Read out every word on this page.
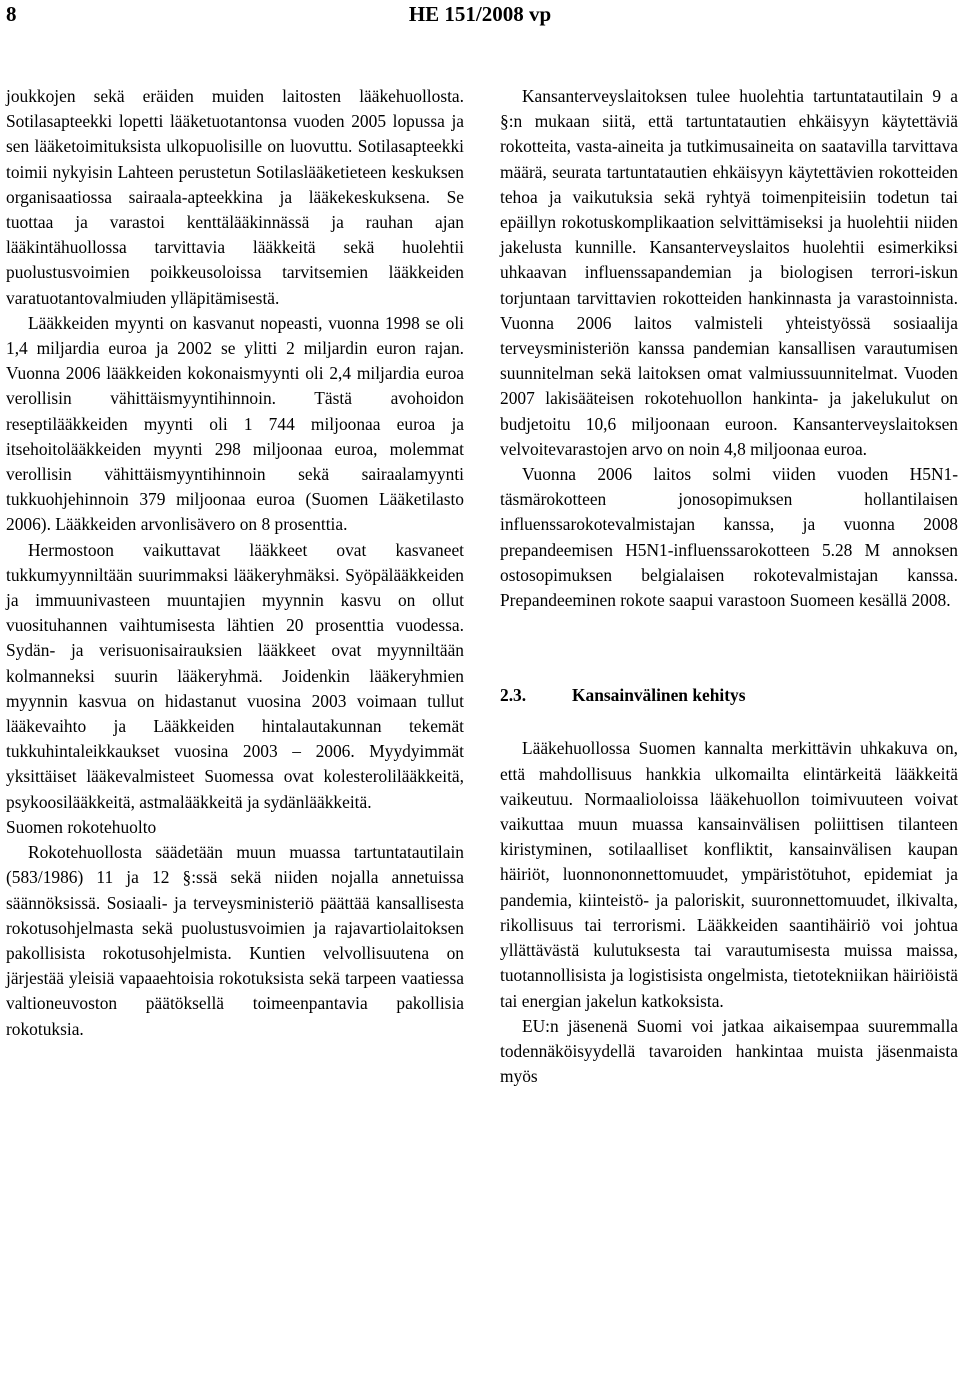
8	HE 151/2008 vp

joukkojen sekä eräiden muiden laitosten lääkehuollosta. Sotilasapteekki lopetti lääketuotantonsa vuoden 2005 lopussa ja sen lääketoimituksista ulkopuolisille on luovuttu. Sotilasapteekki toimii nykyisin Lahteen perustetun Sotilaslääketieteen keskuksen organisaatiossa sairaala-apteekkina ja lääkekeskuksena. Se tuottaa ja varastoi kenttälääkinnässä ja rauhan ajan lääkintähuollossa tarvittavia lääkkeitä sekä huolehtii puolustusvoimien poikkeusoloissa tarvitsemien lääkkeiden varatuotantovalmiuden ylläpitämisestä.

Lääkkeiden myynti on kasvanut nopeasti, vuonna 1998 se oli 1,4 miljardia euroa ja 2002 se ylitti 2 miljardin euron rajan. Vuonna 2006 lääkkeiden kokonaismyynti oli 2,4 miljardia euroa verollisin vähittäismyyntihinnoin. Tästä avohoidon reseptilääkkeiden myynti oli 1 744 miljoonaa euroa ja itsehoitolääkkeiden myynti 298 miljoonaa euroa, molemmat verollisin vähittäismyyntihinnoin sekä sairaalamyynti tukkuohjehinnoin 379 miljoonaa euroa (Suomen Lääketilasto 2006). Lääkkeiden arvonlisävero on 8 prosenttia.

Hermostoon vaikuttavat lääkkeet ovat kasvaneet tukkumyynniltään suurimmaksi lääkeryhmäksi. Syöpälääkkeiden ja immuunivasteen muuntajien myynnin kasvu on ollut vuosituhannen vaihtumisesta lähtien 20 prosenttia vuodessa. Sydän- ja verisuonisairauksien lääkkeet ovat myynniltään kolmanneksi suurin lääkeryhmä. Joidenkin lääkeryhmien myynnin kasvua on hidastanut vuosina 2003 voimaan tullut lääkevaihto ja Lääkkeiden hintalautakunnan tekemät tukkuhintaleikkaukset vuosina 2003 – 2006. Myydyimmät yksittäiset lääkevalmisteet Suomessa ovat kolesterolilääkkeitä, psykoosilääkkeitä, astmalääkkeitä ja sydänlääkkeitä.

Suomen rokotehuolto

Rokotehuollosta säädetään muun muassa tartuntatautilain (583/1986) 11 ja 12 §:ssä sekä niiden nojalla annetuissa säännöksissä. Sosiaali- ja terveysministeriö päättää kansallisesta rokotusohjelmasta sekä puolustusvoimien ja rajavartiolaitoksen pakollisista rokotusohjelmista. Kuntien velvollisuutena on järjestää yleisiä vapaaehtoisia rokotuksista sekä tarpeen vaatiessa valtioneuvoston päätöksellä toimeenpantavia pakollisia rokotuksia.

Kansanterveyslaitoksen tulee huolehtia tartuntatautilain 9 a §:n mukaan siitä, että tartuntatautien ehkäisyyn käytettäviä rokotteita, vasta-aineita ja tutkimusaineita on saatavilla tarvittava määrä, seurata tartuntatautien ehkäisyyn käytettävien rokotteiden tehoa ja vaikutuksia sekä ryhtyä toimenpiteisiin todetun tai epäillyn rokotuskomplikaation selvittämiseksi ja huolehtii niiden jakelusta kunnille. Kansanterveyslaitos huolehtii esimerkiksi uhkaavan influenssapandemian ja biologisen terrori-iskun torjuntaan tarvittavien rokotteiden hankinnasta ja varastoinnista. Vuonna 2006 laitos valmisteli yhteistyössä sosiaalija terveysministeriön kanssa pandemian kansallisen varautumisen suunnitelman sekä laitoksen omat valmiussuunnitelmat. Vuoden 2007 lakisääteisen rokotehuollon hankinta- ja jakelukulut on budjetoitu 10,6 miljoonaan euroon. Kansanterveyslaitoksen velvoitevarastojen arvo on noin 4,8 miljoonaa euroa.

Vuonna 2006 laitos solmi viiden vuoden H5N1-täsmärokotteen jonosopimuksen hollantilaisen influenssarokotevalmistajan kanssa, ja vuonna 2008 prepandeemisen H5N1-influenssarokotteen 5.28 M annoksen ostosopimuksen belgialaisen rokotevalmistajan kanssa. Prepandeeminen rokote saapui varastoon Suomeen kesällä 2008.

2.3.	Kansainvälinen kehitys

Lääkehuollossa Suomen kannalta merkittävin uhkakuva on, että mahdollisuus hankkia ulkomailta elintärkeitä lääkkeitä vaikeutuu. Normaalioloissa lääkehuollon toimivuuteen voivat vaikuttaa muun muassa kansainvälisen poliittisen tilanteen kiristyminen, sotilaalliset konfliktit, kansainvälisen kaupan häiriöt, luonnononnettomuudet, ympäristötuhot, epidemiat ja pandemia, kiinteistö- ja paloriskit, suuronnettomuudet, ilkivalta, rikollisuus tai terrorismi. Lääkkeiden saantihäiriö voi johtua yllättävästä kulutuksesta tai varautumisesta muissa maissa, tuotannollisista ja logistisista ongelmista, tietotekniikan häiriöistä tai energian jakelun katkoksista.

EU:n jäsenenä Suomi voi jatkaa aikaisempaa suuremmalla todennäköisyydellä tavaroiden hankintaa muista jäsenmaista myös
